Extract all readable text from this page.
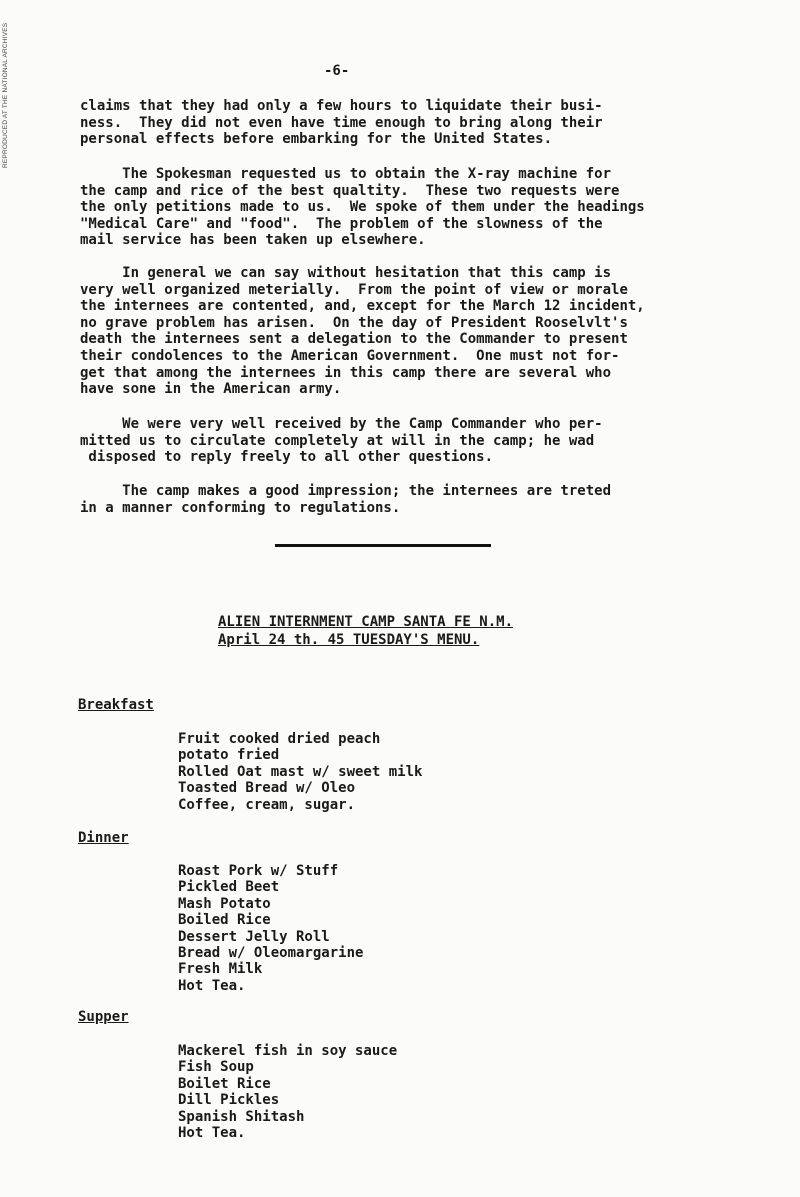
REPRODUCED AT THE NATIONAL ARCHIVES	-6-

claims that they had only a few hours to liquidate their busi-
ness.  They did not even have time enough to bring along their
personal effects before embarking for the United States.

The Spokesman requested us to obtain the X-ray machine for
the camp and rice of the best qualtity.  These two requests were
the only petitions made to us.  We spoke of them under the headings
"Medical Care" and "food".  The problem of the slowness of the
mail service has been taken up elsewhere.

In general we can say without hesitation that this camp is
very well organized meterially.  From the point of view or morale
the internees are contented, and, except for the March 12 incident,
no grave problem has arisen.  On the day of President Rooselvlt's
death the internees sent a delegation to the Commander to present
their condolences to the American Government.  One must not for-
get that among the internees in this camp there are several who
have sone in the American army.

We were very well received by the Camp Commander who per-
mitted us to circulate completely at will in the camp; he wad
disposed to reply freely to all other questions.

The camp makes a good impression; the internees are treted
in a manner conforming to regulations.

ALIEN INTERNMENT CAMP SANTA FE N.M.
April 24 th. 45 TUESDAY'S MENU.
Breakfast
Fruit cooked dried peach
potato fried
Rolled Oat mast w/ sweet milk
Toasted Bread w/ Oleo
Coffee, cream, sugar.
Dinner
Roast Pork w/ Stuff
Pickled Beet
Mash Potato
Boiled Rice
Dessert Jelly Roll
Bread w/ Oleomargarine
Fresh Milk
Hot Tea.
Supper
Mackerel fish in soy sauce
Fish Soup
Boilet Rice
Dill Pickles
Spanish Shitash
Hot Tea.
